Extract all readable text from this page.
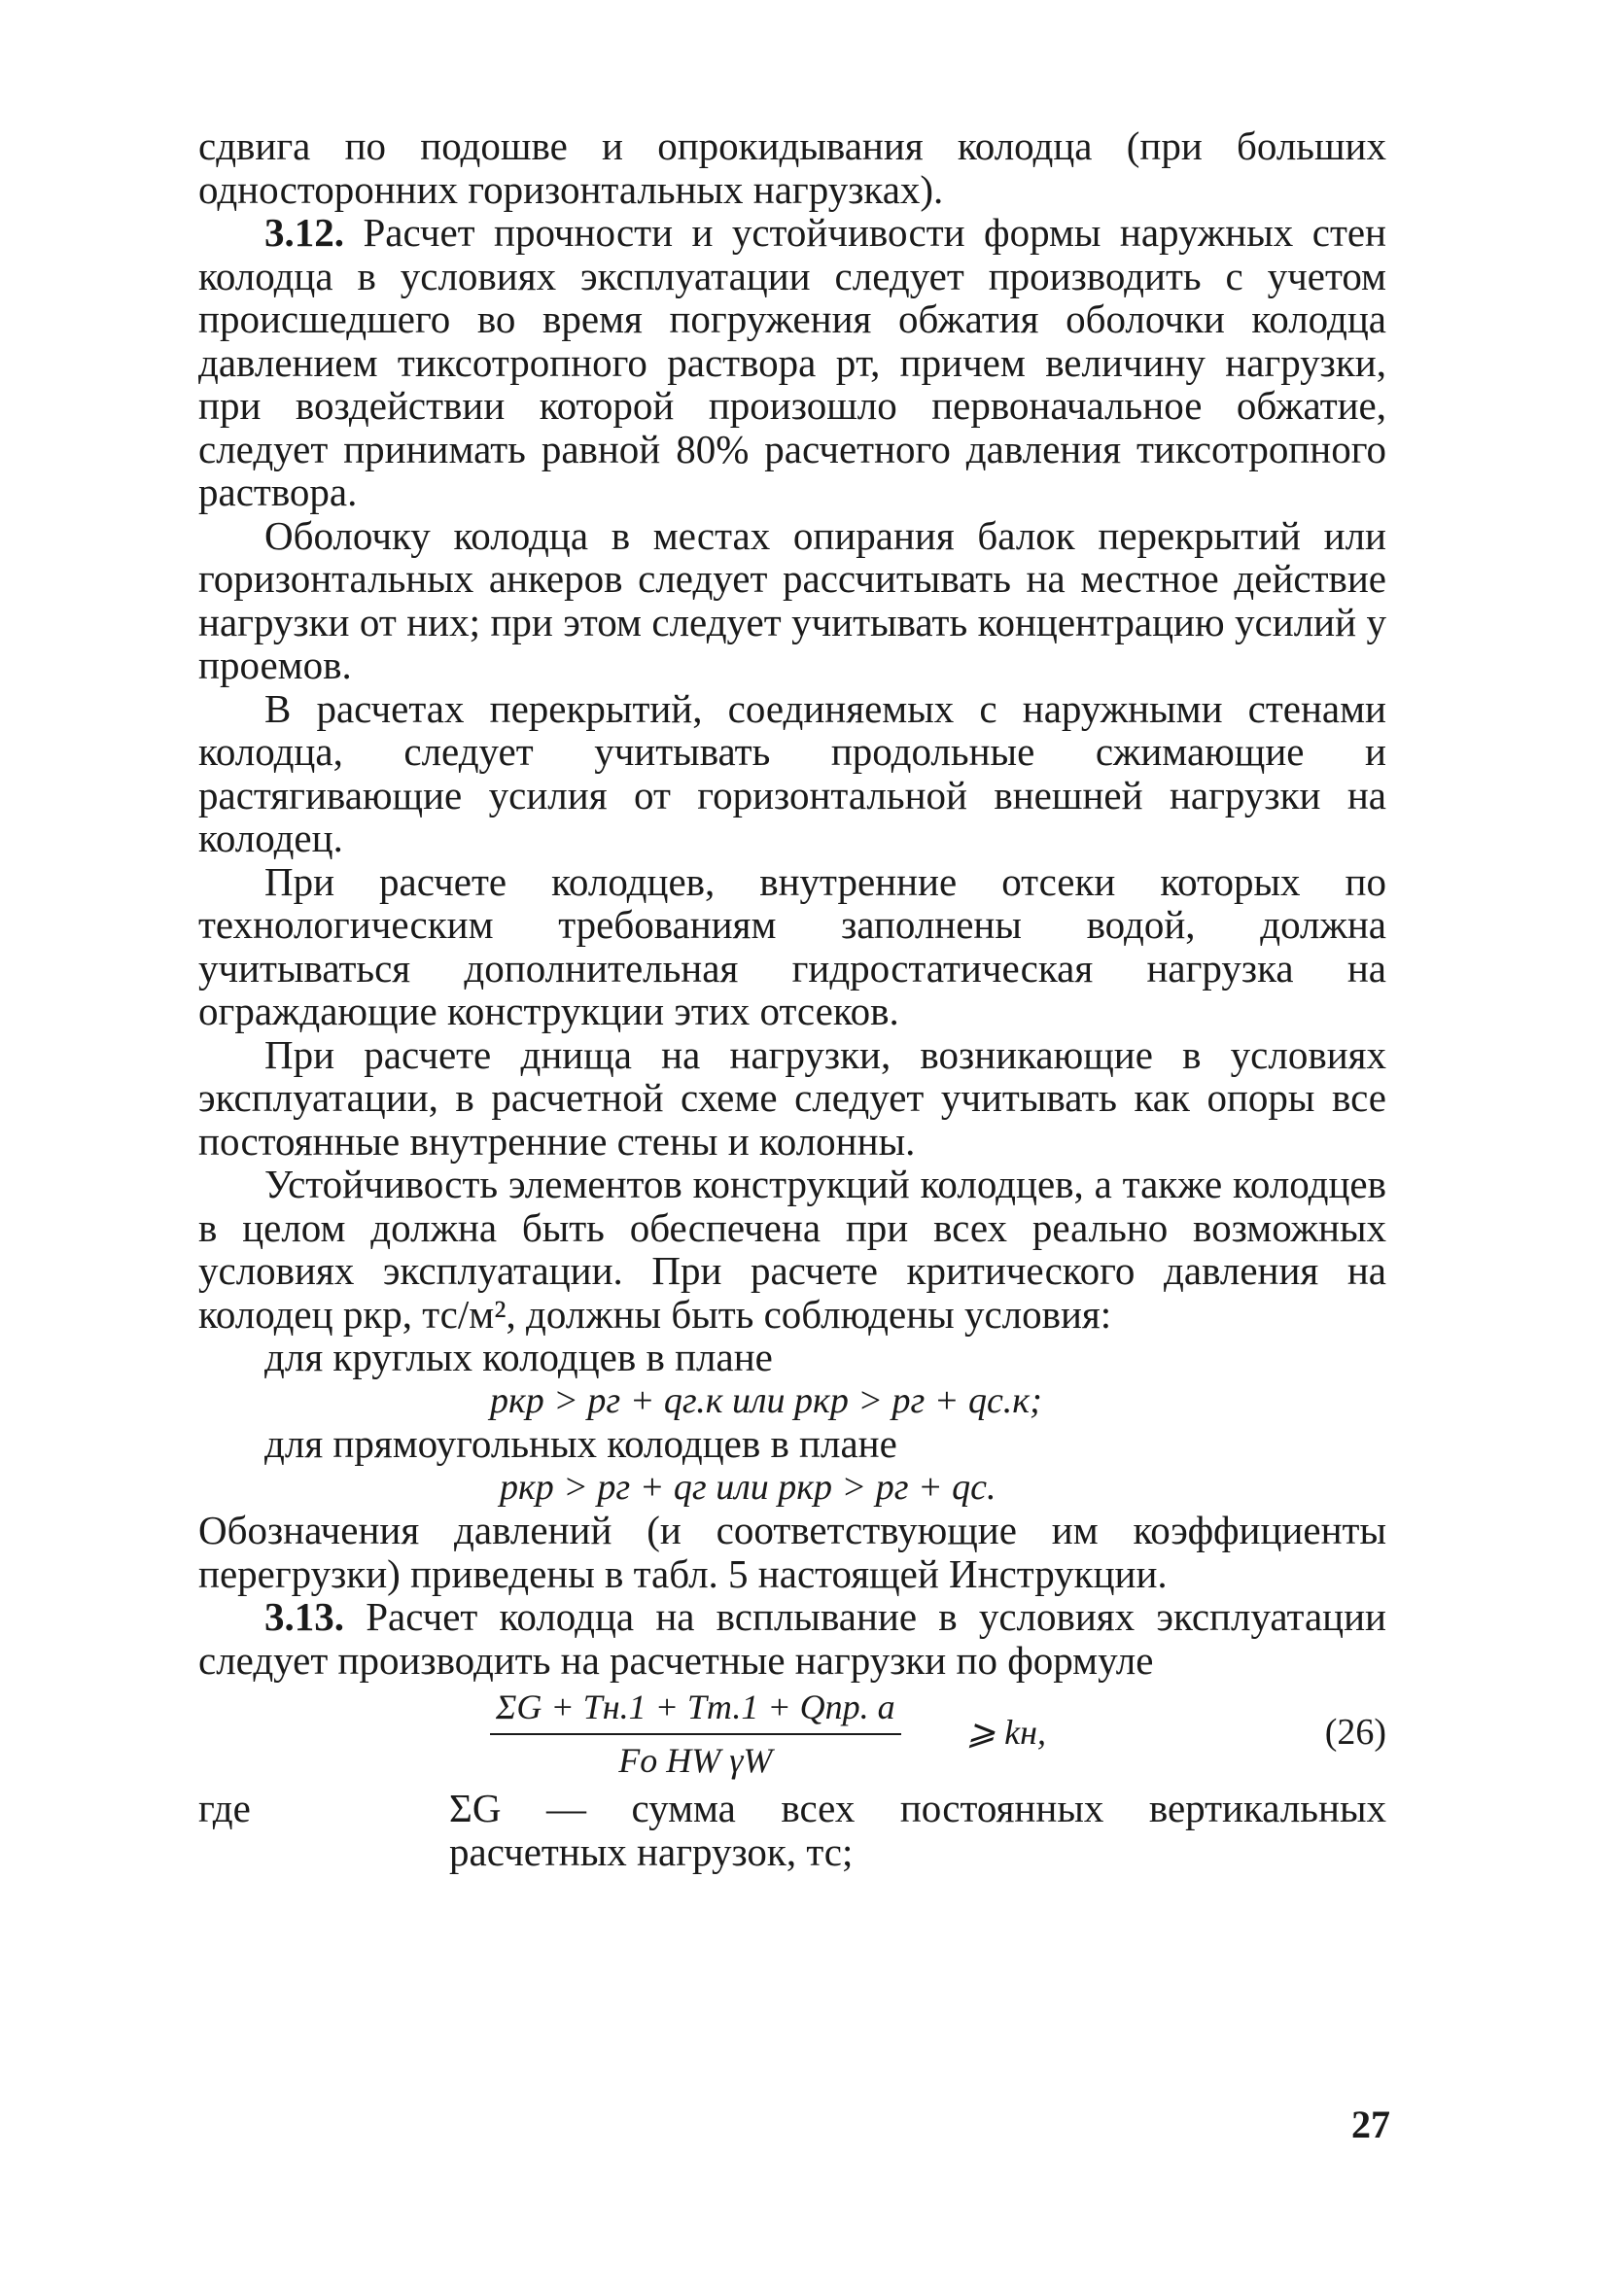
сдвига по подошве и опрокидывания колодца (при больших односторонних горизонтальных нагрузках).

3.12. Расчет прочности и устойчивости формы наружных стен колодца в условиях эксплуатации следует производить с учетом происшедшего во время погружения обжатия оболочки колодца давлением тиксотропного раствора pт, причем величину нагрузки, при воздействии которой произошло первоначальное обжатие, следует принимать равной 80% расчетного давления тиксотропного раствора.

Оболочку колодца в местах опирания балок перекрытий или горизонтальных анкеров следует рассчитывать на местное действие нагрузки от них; при этом следует учитывать концентрацию усилий у проемов.

В расчетах перекрытий, соединяемых с наружными стенами колодца, следует учитывать продольные сжимающие и растягивающие усилия от горизонтальной внешней нагрузки на колодец.

При расчете колодцев, внутренние отсеки которых по технологическим требованиям заполнены водой, должна учитываться дополнительная гидростатическая нагрузка на ограждающие конструкции этих отсеков.

При расчете днища на нагрузки, возникающие в условиях эксплуатации, в расчетной схеме следует учитывать как опоры все постоянные внутренние стены и колонны.

Устойчивость элементов конструкций колодцев, а также колодцев в целом должна быть обеспечена при всех реально возможных условиях эксплуатации. При расчете критического давления на колодец pкр, тс/м², должны быть соблюдены условия:

для круглых колодцев в плане

pкр > pг + qг.к или pкр > pг + qс.к;

для прямоугольных колодцев в плане

pкр > pг + qг или pкр > pг + qс.

Обозначения давлений (и соответствующие им коэффициенты перегрузки) приведены в табл. 5 настоящей Инструкции.

3.13. Расчет колодца на всплывание в условиях эксплуатации следует производить на расчетные нагрузки по формуле

ΣG + Tн.1 + Tт.1 + Qпр. а
Fо HW γW
⩾ kн,	(26)
где	ΣG — сумма всех постоянных вертикальных расчетных нагрузок, тс;
27
